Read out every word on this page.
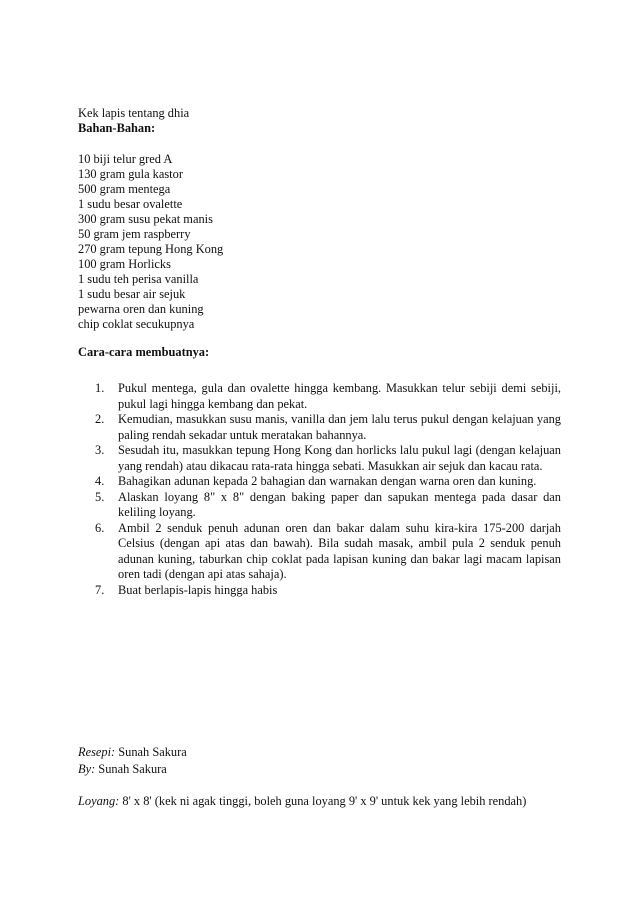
Kek lapis tentang dhia
Bahan-Bahan:
10 biji telur gred A
130 gram gula kastor
500 gram mentega
1 sudu besar ovalette
300 gram susu pekat manis
50 gram jem raspberry
270 gram tepung Hong Kong
100 gram Horlicks
1 sudu teh perisa vanilla
1 sudu besar air sejuk
pewarna oren dan kuning
chip coklat secukupnya
Cara-cara membuatnya:
1. Pukul mentega, gula dan ovalette hingga kembang. Masukkan telur sebiji demi sebiji, pukul lagi hingga kembang dan pekat.
2. Kemudian, masukkan susu manis, vanilla dan jem lalu terus pukul dengan kelajuan yang paling rendah sekadar untuk meratakan bahannya.
3. Sesudah itu, masukkan tepung Hong Kong dan horlicks lalu pukul lagi (dengan kelajuan yang rendah) atau dikacau rata-rata hingga sebati. Masukkan air sejuk dan kacau rata.
4. Bahagikan adunan kepada 2 bahagian dan warnakan dengan warna oren dan kuning.
5. Alaskan loyang 8" x 8" dengan baking paper dan sapukan mentega pada dasar dan keliling loyang.
6. Ambil 2 senduk penuh adunan oren dan bakar dalam suhu kira-kira 175-200 darjah Celsius (dengan api atas dan bawah). Bila sudah masak, ambil pula 2 senduk penuh adunan kuning, taburkan chip coklat pada lapisan kuning dan bakar lagi macam lapisan oren tadi (dengan api atas sahaja).
7. Buat berlapis-lapis hingga habis
Resepi: Sunah Sakura
By: Sunah Sakura
Loyang: 8' x 8' (kek ni agak tinggi, boleh guna loyang 9' x 9' untuk kek yang lebih rendah)
